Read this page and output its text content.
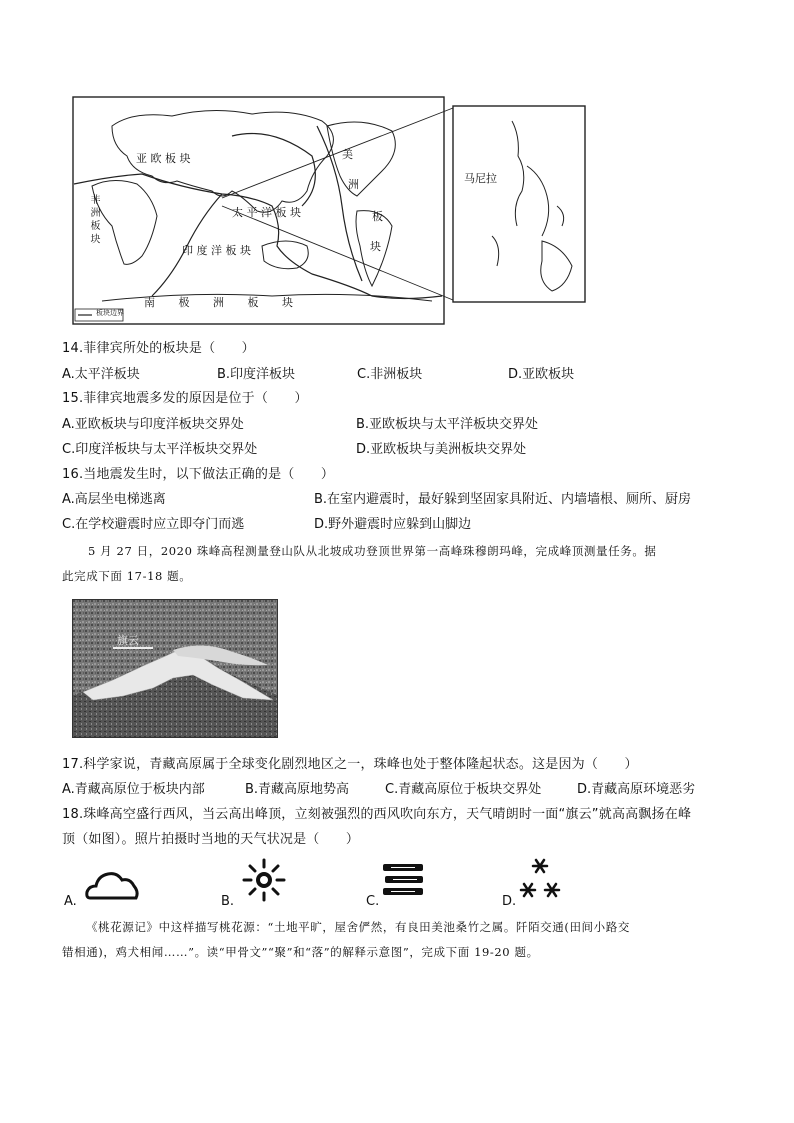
亚 欧 板 块
非 洲 板 块	太 平 洋 板 块
印 度 洋 板 块
南 极 洲 板 块
美
洲
板
块
马尼拉
板块边界
14.菲律宾所处的板块是（　　）
A.太平洋板块	B.印度洋板块	C.非洲板块	D.亚欧板块
15.菲律宾地震多发的原因是位于（　　）
A.亚欧板块与印度洋板块交界处	B.亚欧板块与太平洋板块交界处
C.印度洋板块与太平洋板块交界处	D.亚欧板块与美洲板块交界处
16.当地震发生时，以下做法正确的是（　　）
A.高层坐电梯逃离	B.在室内避震时，最好躲到坚固家具附近、内墙墙根、厕所、厨房
C.在学校避震时应立即夺门而逃	D.野外避震时应躲到山脚边
5 月 27 日，2020 珠峰高程测量登山队从北坡成功登顶世界第一高峰珠穆朗玛峰，完成峰顶测量任务。据
此完成下面 17-18 题。
旗云
17.科学家说，青藏高原属于全球变化剧烈地区之一，珠峰也处于整体隆起状态。这是因为（　　）
A.青藏高原位于板块内部	B.青藏高原地势高	C.青藏高原位于板块交界处	D.青藏高原环境恶劣
18.珠峰高空盛行西风，当云高出峰顶，立刻被强烈的西风吹向东方，天气晴朗时一面“旗云”就高高飘扬在峰
顶（如图）。照片拍摄时当地的天气状况是（　　）
A.	B.	C.	D.
《桃花源记》中这样描写桃花源：“土地平旷，屋舍俨然，有良田美池桑竹之属。阡陌交通(田间小路交
错相通)，鸡犬相闻……”。读“甲骨文”“聚”和“落”的解释示意图”，完成下面 19-20 题。
